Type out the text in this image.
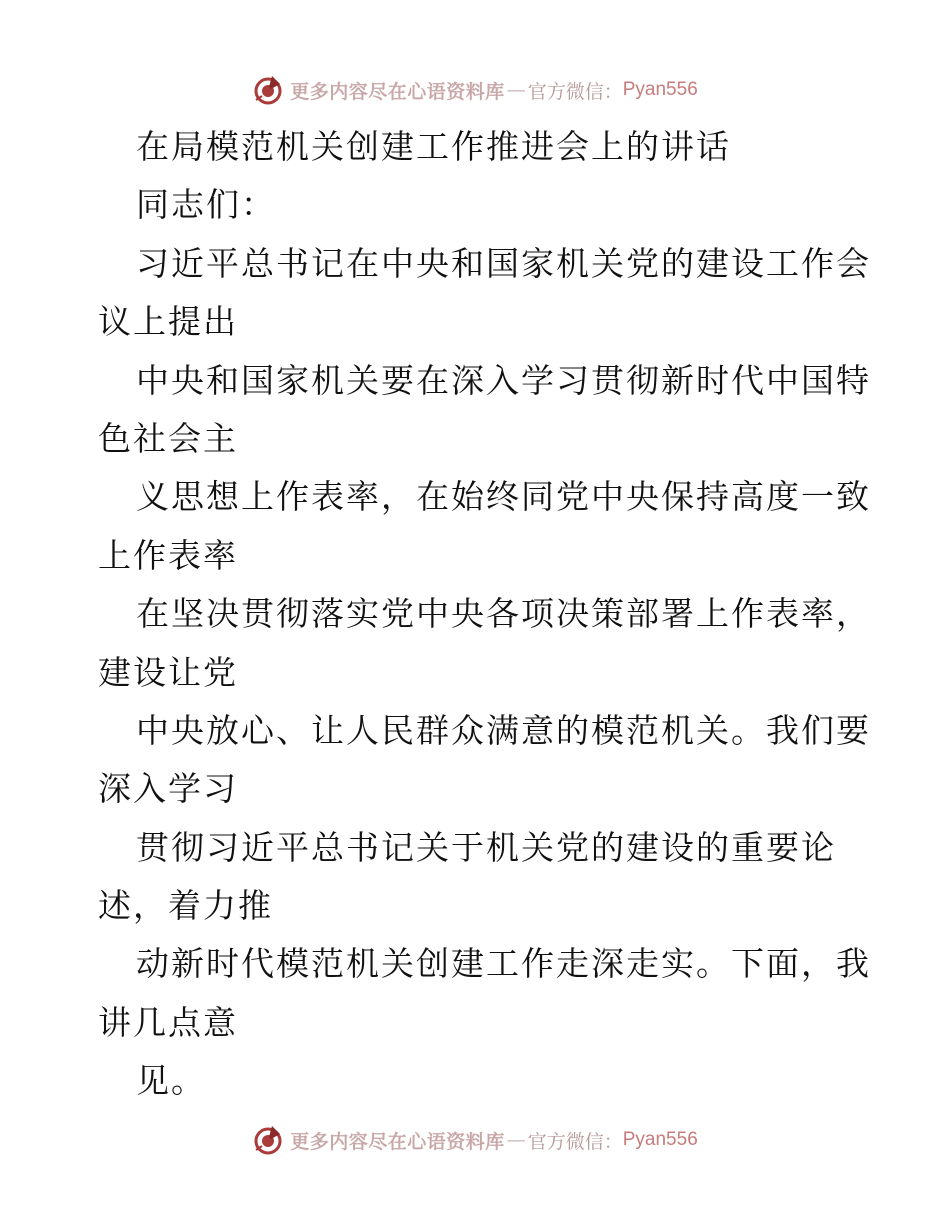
更多内容尽在心语资料库 — 官方微信： Pyan556
在局模范机关创建工作推进会上的讲话
同志们：
习近平总书记在中央和国家机关党的建设工作会
议上提出
中央和国家机关要在深入学习贯彻新时代中国特
色社会主
义思想上作表率，在始终同党中央保持高度一致
上作表率
在坚决贯彻落实党中央各项决策部署上作表率，
建设让党
中央放心、让人民群众满意的模范机关。我们要
深入学习
贯彻习近平总书记关于机关党的建设的重要论
述，着力推
动新时代模范机关创建工作走深走实。下面，我
讲几点意
见。
更多内容尽在心语资料库 — 官方微信： Pyan556
